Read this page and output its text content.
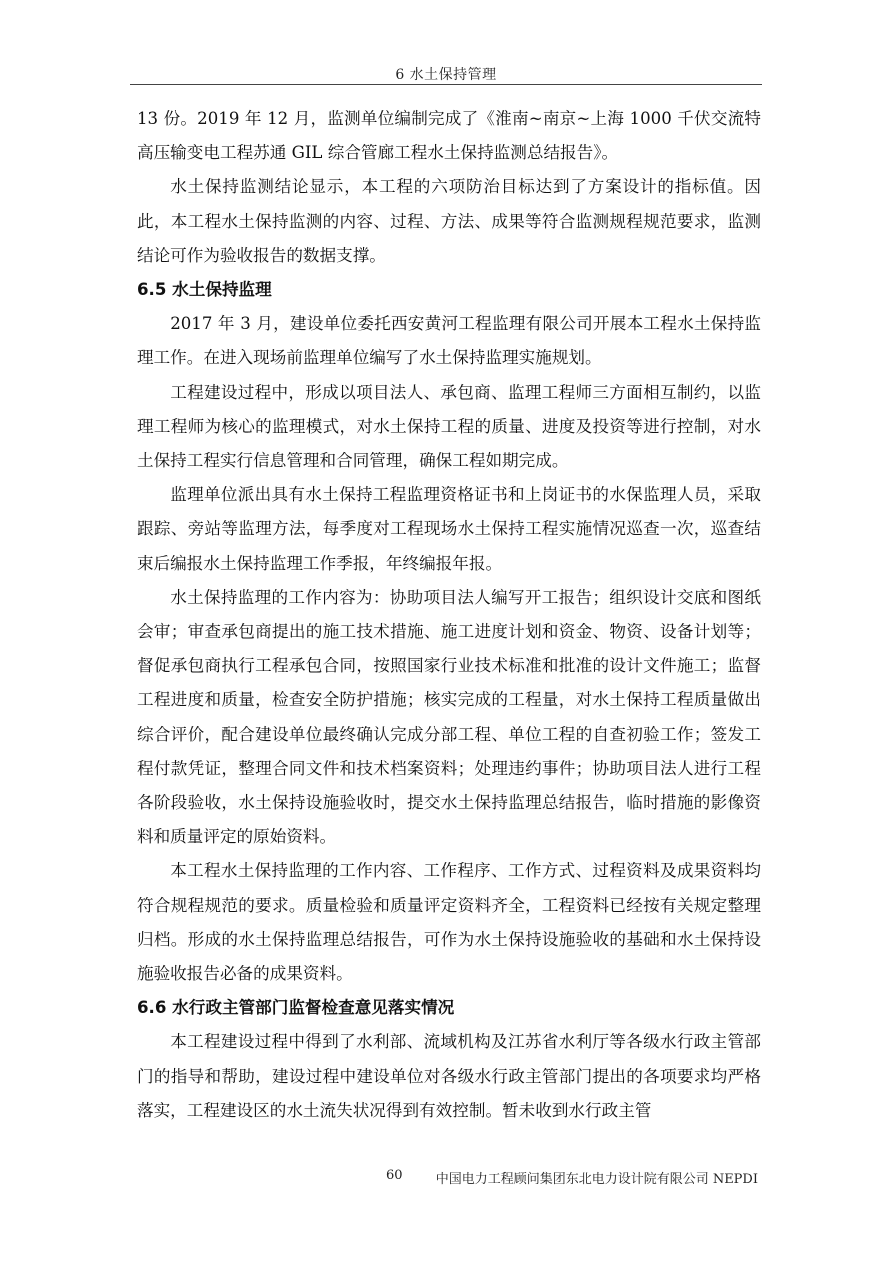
6 水土保持管理

13 份。2019 年 12 月，监测单位编制完成了《淮南~南京~上海 1000 千伏交流特高压输变电工程苏通 GIL 综合管廊工程水土保持监测总结报告》。

水土保持监测结论显示，本工程的六项防治目标达到了方案设计的指标值。因此，本工程水土保持监测的内容、过程、方法、成果等符合监测规程规范要求，监测结论可作为验收报告的数据支撑。

6.5 水土保持监理

2017 年 3 月，建设单位委托西安黄河工程监理有限公司开展本工程水土保持监理工作。在进入现场前监理单位编写了水土保持监理实施规划。

工程建设过程中，形成以项目法人、承包商、监理工程师三方面相互制约，以监理工程师为核心的监理模式，对水土保持工程的质量、进度及投资等进行控制，对水土保持工程实行信息管理和合同管理，确保工程如期完成。

监理单位派出具有水土保持工程监理资格证书和上岗证书的水保监理人员，采取跟踪、旁站等监理方法，每季度对工程现场水土保持工程实施情况巡查一次，巡查结束后编报水土保持监理工作季报，年终编报年报。

水土保持监理的工作内容为：协助项目法人编写开工报告；组织设计交底和图纸会审；审查承包商提出的施工技术措施、施工进度计划和资金、物资、设备计划等；督促承包商执行工程承包合同，按照国家行业技术标准和批准的设计文件施工；监督工程进度和质量，检查安全防护措施；核实完成的工程量，对水土保持工程质量做出综合评价，配合建设单位最终确认完成分部工程、单位工程的自查初验工作；签发工程付款凭证，整理合同文件和技术档案资料；处理违约事件；协助项目法人进行工程各阶段验收，水土保持设施验收时，提交水土保持监理总结报告，临时措施的影像资料和质量评定的原始资料。

本工程水土保持监理的工作内容、工作程序、工作方式、过程资料及成果资料均符合规程规范的要求。质量检验和质量评定资料齐全，工程资料已经按有关规定整理归档。形成的水土保持监理总结报告，可作为水土保持设施验收的基础和水土保持设施验收报告必备的成果资料。

6.6 水行政主管部门监督检查意见落实情况

本工程建设过程中得到了水利部、流域机构及江苏省水利厅等各级水行政主管部门的指导和帮助，建设过程中建设单位对各级水行政主管部门提出的各项要求均严格落实，工程建设区的水土流失状况得到有效控制。暂未收到水行政主管

60	中国电力工程顾问集团东北电力设计院有限公司 NEPDI
